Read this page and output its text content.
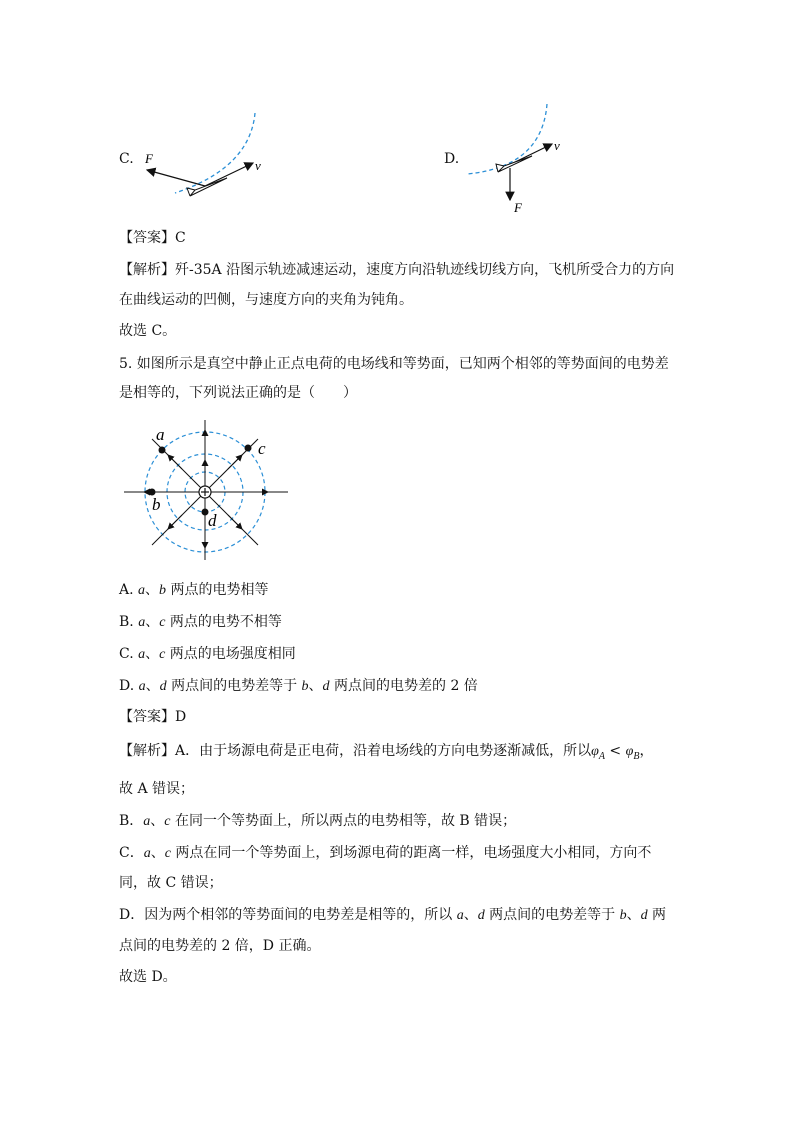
C. F	v	D.
v
F
【答案】C
【解析】歼-35A 沿图示轨迹减速运动，速度方向沿轨迹线切线方向，飞机所受合力的方向
在曲线运动的凹侧，与速度方向的夹角为钝角。
故选 C。
5. 如图所示是真空中静止正点电荷的电场线和等势面，已知两个相邻的等势面间的电势差
是相等的，下列说法正确的是（　　）
a
c
b
d
A. a、b 两点的电势相等
B. a、c 两点的电势不相等
C. a、c 两点的电场强度相同
D. a、d 两点间的电势差等于 b、d 两点间的电势差的 2 倍
【答案】D
【解析】A．由于场源电荷是正电荷，沿着电场线的方向电势逐渐减低，所以$\varphi_A < \varphi_B$，
故 A 错误；
B．a、c 在同一个等势面上，所以两点的电势相等，故 B 错误；
C．a、c 两点在同一个等势面上，到场源电荷的距离一样，电场强度大小相同，方向不
同，故 C 错误；
D．因为两个相邻的等势面间的电势差是相等的，所以 a、d 两点间的电势差等于 b、d 两
点间的电势差的 2 倍，D 正确。
故选 D。
